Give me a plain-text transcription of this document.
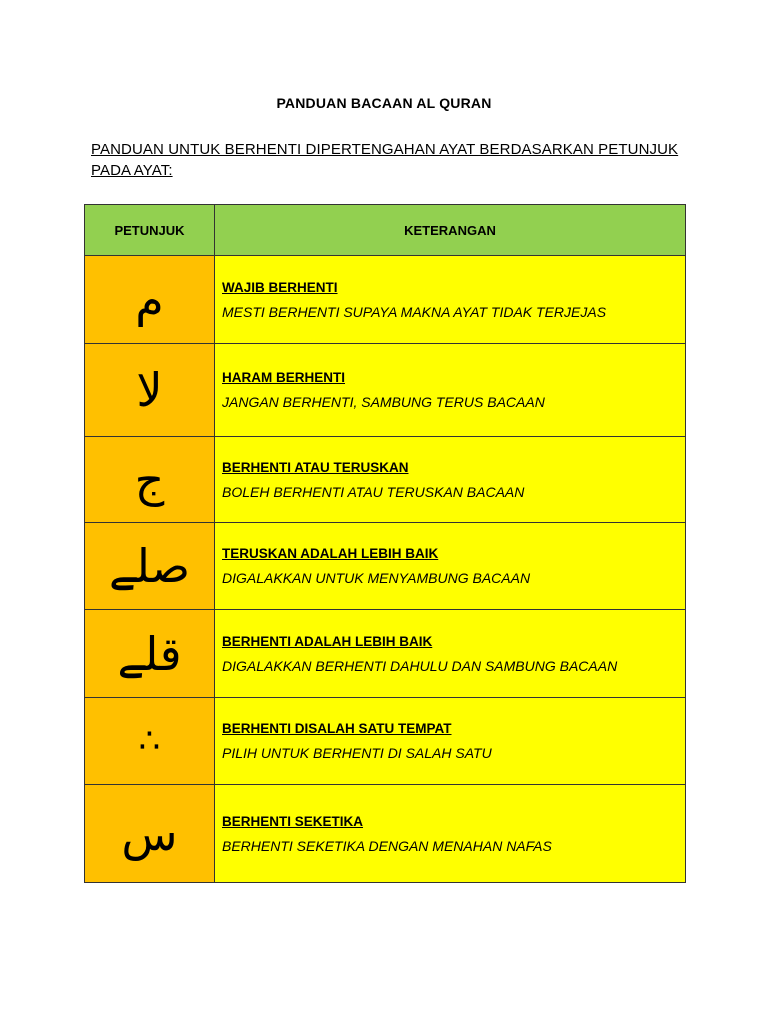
PANDUAN BACAAN AL QURAN
PANDUAN UNTUK BERHENTI DIPERTENGAHAN AYAT BERDASARKAN PETUNJUK PADA AYAT:
PETUNJUK	KETERANGAN
م	WAJIB BERHENTI
MESTI BERHENTI SUPAYA MAKNA AYAT TIDAK TERJEJAS

لا	HARAM BERHENTI
JANGAN BERHENTI, SAMBUNG TERUS BACAAN

ج	BERHENTI ATAU TERUSKAN
BOLEH BERHENTI ATAU TERUSKAN BACAAN

صلے	TERUSKAN ADALAH LEBIH BAIK
DIGALAKKAN UNTUK MENYAMBUNG BACAAN

قلے	BERHENTI ADALAH LEBIH BAIK
DIGALAKKAN BERHENTI DAHULU DAN SAMBUNG BACAAN

∴	BERHENTI DISALAH SATU TEMPAT
PILIH UNTUK BERHENTI DI SALAH SATU

س	BERHENTI SEKETIKA
BERHENTI SEKETIKA DENGAN MENAHAN NAFAS
